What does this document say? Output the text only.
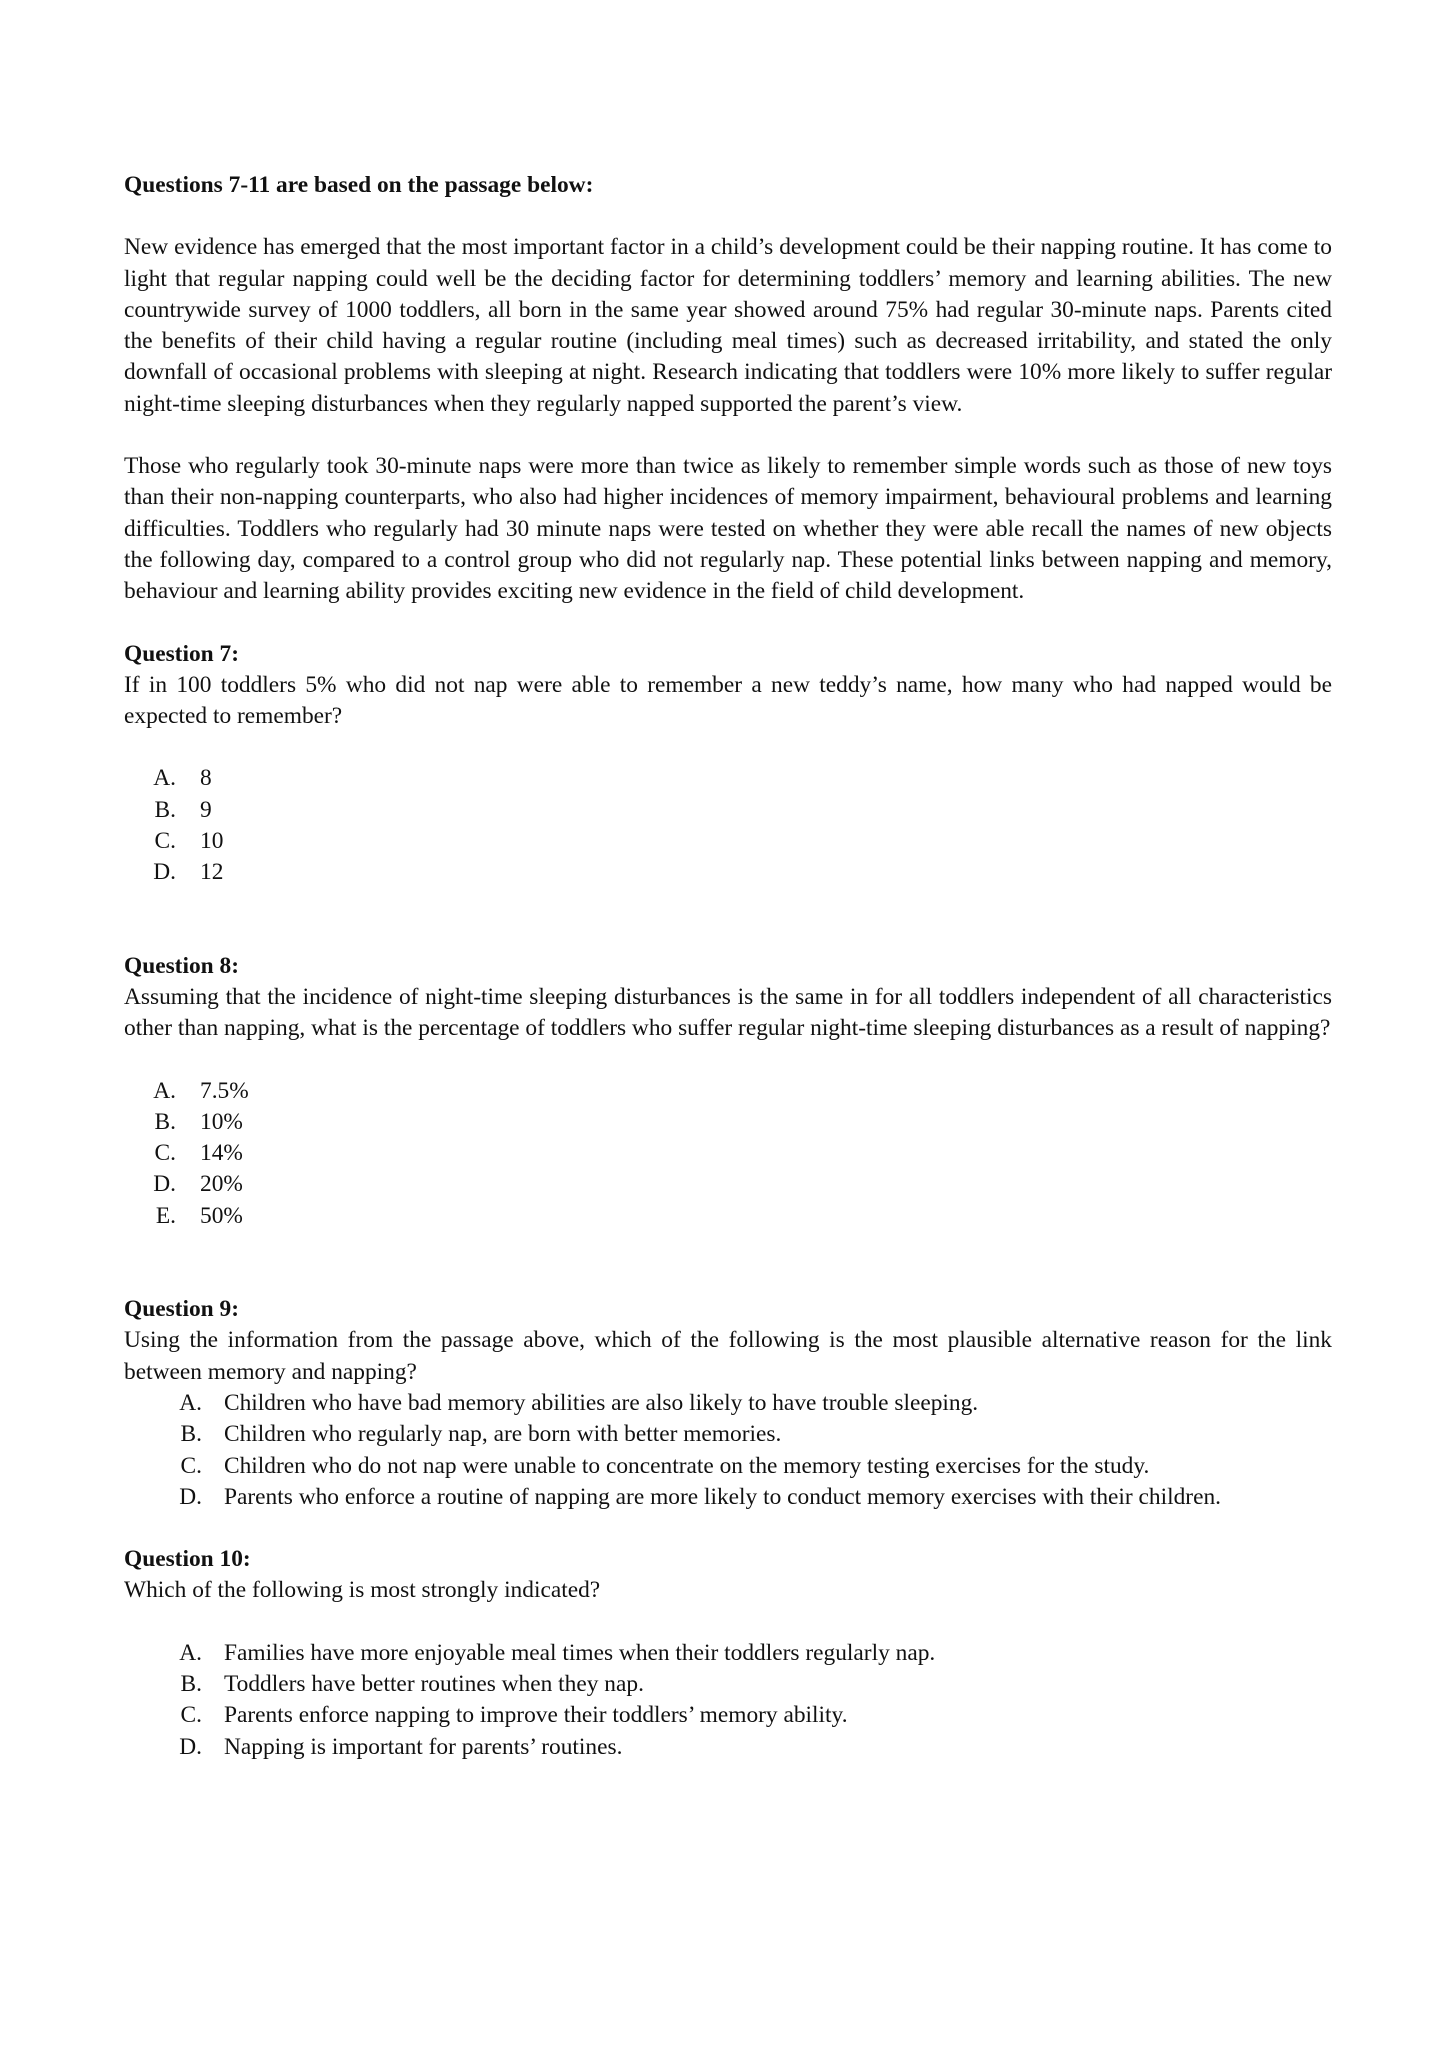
Questions 7-11 are based on the passage below:

New evidence has emerged that the most important factor in a child’s development could be their napping routine. It has come to light that regular napping could well be the deciding factor for determining toddlers’ memory and learning abilities. The new countrywide survey of 1000 toddlers, all born in the same year showed around 75% had regular 30-minute naps. Parents cited the benefits of their child having a regular routine (including meal times) such as decreased irritability, and stated the only downfall of occasional problems with sleeping at night. Research indicating that toddlers were 10% more likely to suffer regular night-time sleeping disturbances when they regularly napped supported the parent’s view.

Those who regularly took 30-minute naps were more than twice as likely to remember simple words such as those of new toys than their non-napping counterparts, who also had higher incidences of memory impairment, behavioural problems and learning difficulties. Toddlers who regularly had 30 minute naps were tested on whether they were able recall the names of new objects the following day, compared to a control group who did not regularly nap. These potential links between napping and memory, behaviour and learning ability provides exciting new evidence in the field of child development.

Question 7:

If in 100 toddlers 5% who did not nap were able to remember a new teddy’s name, how many who had napped would be expected to remember?

A.	8
B.	9
C.	10
D.	12

Question 8:

Assuming that the incidence of night-time sleeping disturbances is the same in for all toddlers independent of all characteristics other than napping, what is the percentage of toddlers who suffer regular night-time sleeping disturbances as a result of napping?

A.	7.5%
B.	10%
C.	14%
D.	20%
E.	50%

Question 9:

Using the information from the passage above, which of the following is the most plausible alternative reason for the link between memory and napping?

A. Children who have bad memory abilities are also likely to have trouble sleeping.
B. Children who regularly nap, are born with better memories.
C. Children who do not nap were unable to concentrate on the memory testing exercises for the study.
D. Parents who enforce a routine of napping are more likely to conduct memory exercises with their children.

Question 10:

Which of the following is most strongly indicated?

A. Families have more enjoyable meal times when their toddlers regularly nap.
B. Toddlers have better routines when they nap.
C. Parents enforce napping to improve their toddlers’ memory ability.
D. Napping is important for parents’ routines.
